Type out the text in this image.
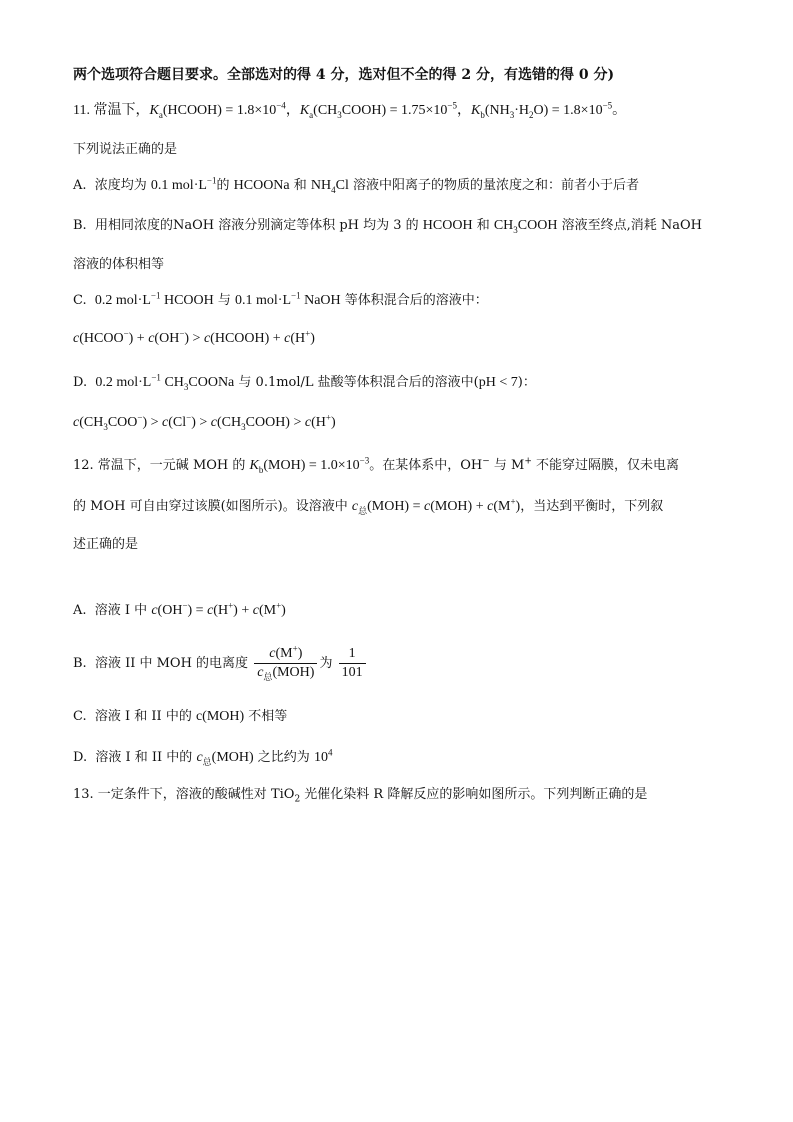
两个选项符合题目要求。全部选对的得 4 分，选对但不全的得 2 分，有选错的得 0 分)
11. 常温下，$K_a(HCOOH) = 1.8\times 10^{-4}$，$K_a(CH_3COOH) = 1.75\times 10^{-5}$，$K_b(NH_3\cdot H_2O) = 1.8\times 10^{-5}$。
下列说法正确的是
A.  浓度均为 0.1 $mol\cdot L^{-1}$的 HCOONa 和 $NH_4Cl$ 溶液中阳离子的物质的量浓度之和：前者小于后者
B.  用相同浓度的NaOH 溶液分别滴定等体积 pH 均为 3 的 HCOOH 和 $CH_3COOH$ 溶液至终点,消耗 NaOH
溶液的体积相等
C.  0.2 $mol\cdot L^{-1}$ HCOOH 与 0.1 $mol\cdot L^{-1}$ NaOH 等体积混合后的溶液中：
c(HCOO−) + c(OH−) > c(HCOOH) + c(H+)
D.  0.2 $mol\cdot L^{-1}$ $CH_3COONa$ 与 0.1mol/L 盐酸等体积混合后的溶液中(pH < 7)：
$c(CH_3COO^-) > c(Cl^-)$ > $c(CH_3COOH) > c(H^+)$
12. 常温下，一元碱 MOH 的 $K_b(MOH) = 1.0\times 10^{-3}$。在某体系中，OH− 与 M+ 不能穿过隔膜，仅未电离
的 MOH 可自由穿过该膜(如图所示)。设溶液中 $c_总(MOH) = c(MOH) + c(M^+)$，当达到平衡时，下列叙
述正确的是
A.  溶液 I 中 c(OH−) = c(H+) + c(M+)
B.  溶液 II 中 MOH 的电离度 $\frac{c(M^+)}{c_总(MOH)}$ 为 $\frac{1}{101}$
C.  溶液 I 和 II 中的 c(MOH) 不相等
D.  溶液 I 和 II 中的 $c_总(MOH)$ 之比约为 $10^4$
13. 一定条件下，溶液的酸碱性对 TiO$_2$ 光催化染料 R 降解反应的影响如图所示。下列判断正确的是
